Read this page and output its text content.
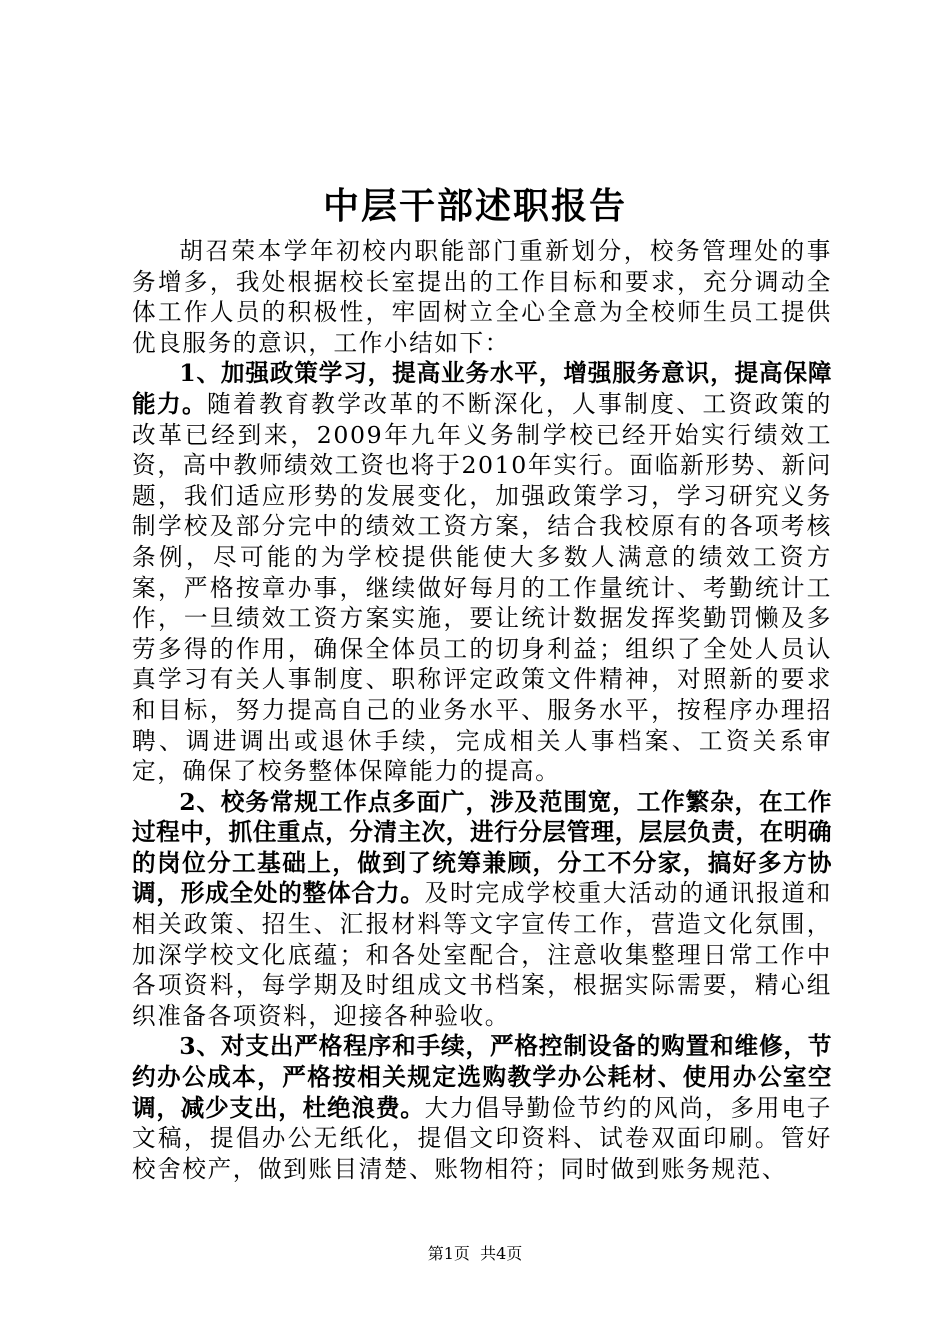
中层干部述职报告

胡召荣本学年初校内职能部门重新划分，校务管理处的事务增多，我处根据校长室提出的工作目标和要求，充分调动全体工作人员的积极性，牢固树立全心全意为全校师生员工提供优良服务的意识，工作小结如下：

1、加强政策学习，提高业务水平，增强服务意识，提高保障能力。随着教育教学改革的不断深化，人事制度、工资政策的改革已经到来，2009年九年义务制学校已经开始实行绩效工资，高中教师绩效工资也将于2010年实行。面临新形势、新问题，我们适应形势的发展变化，加强政策学习，学习研究义务制学校及部分完中的绩效工资方案，结合我校原有的各项考核条例，尽可能的为学校提供能使大多数人满意的绩效工资方案，严格按章办事，继续做好每月的工作量统计、考勤统计工作，一旦绩效工资方案实施，要让统计数据发挥奖勤罚懒及多劳多得的作用，确保全体员工的切身利益；组织了全处人员认真学习有关人事制度、职称评定政策文件精神，对照新的要求和目标，努力提高自己的业务水平、服务水平，按程序办理招聘、调进调出或退休手续，完成相关人事档案、工资关系审定，确保了校务整体保障能力的提高。

2、校务常规工作点多面广，涉及范围宽，工作繁杂，在工作过程中，抓住重点，分清主次，进行分层管理，层层负责，在明确的岗位分工基础上，做到了统筹兼顾，分工不分家，搞好多方协调，形成全处的整体合力。及时完成学校重大活动的通讯报道和相关政策、招生、汇报材料等文字宣传工作，营造文化氛围，加深学校文化底蕴；和各处室配合，注意收集整理日常工作中各项资料，每学期及时组成文书档案，根据实际需要，精心组织准备各项资料，迎接各种验收。

3、对支出严格程序和手续，严格控制设备的购置和维修，节约办公成本，严格按相关规定选购教学办公耗材、使用办公室空调，减少支出，杜绝浪费。大力倡导勤俭节约的风尚，多用电子文稿，提倡办公无纸化，提倡文印资料、试卷双面印刷。管好校舍校产，做到账目清楚、账物相符；同时做到账务规范、

第1页  共4页
